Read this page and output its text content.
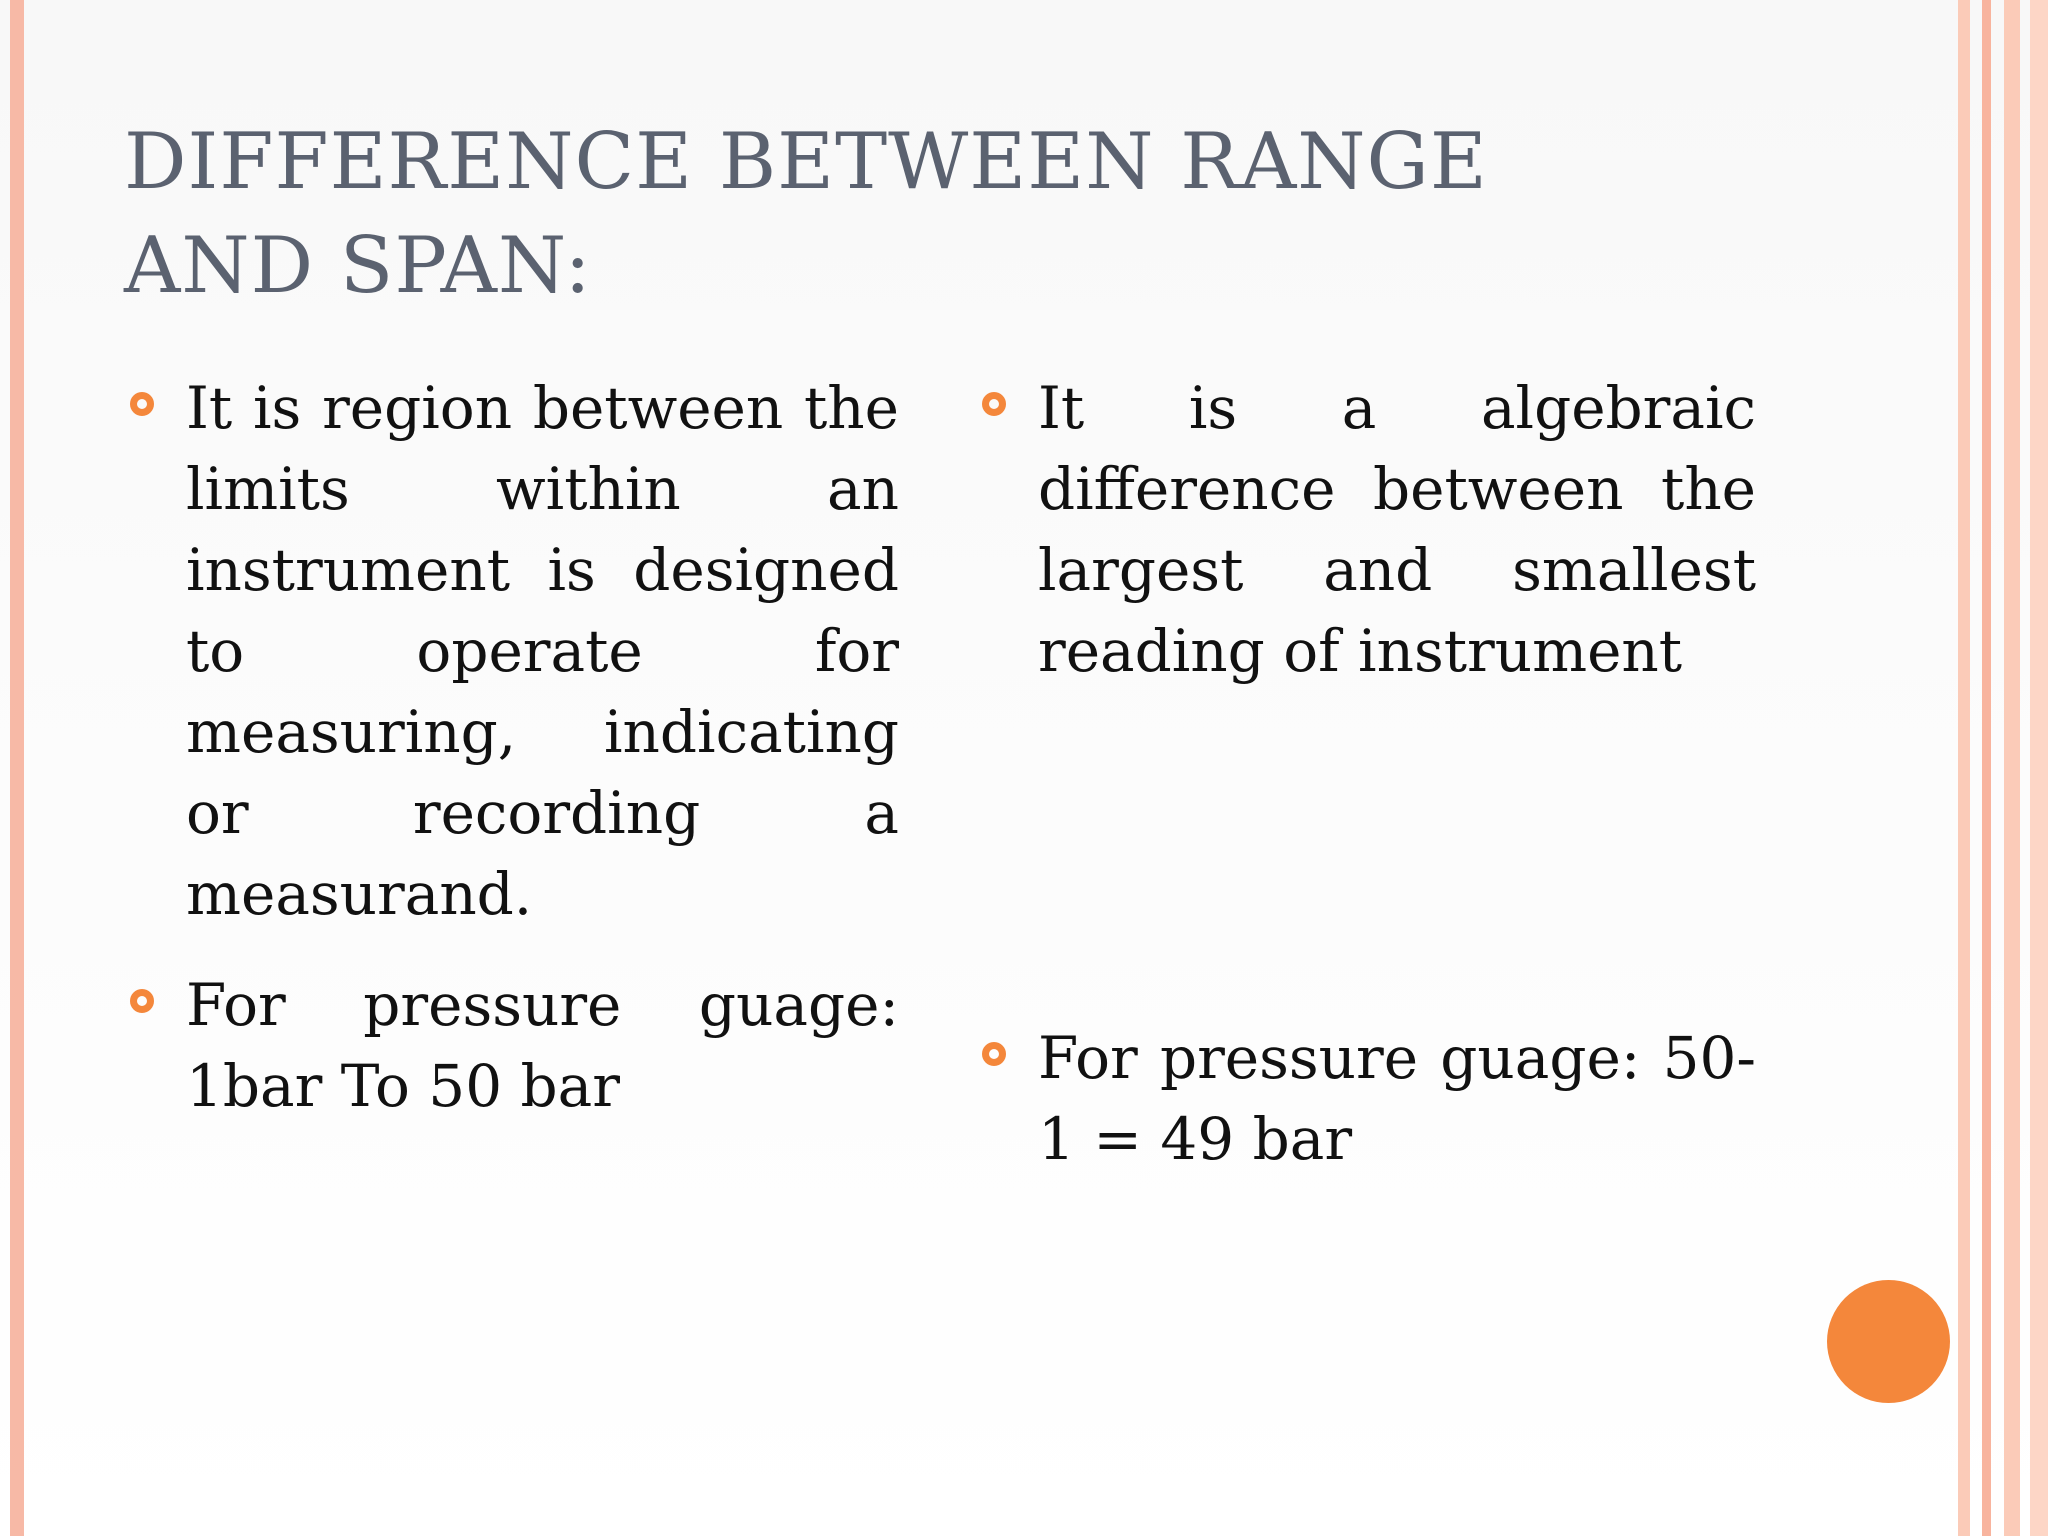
DIFFERENCE BETWEEN RANGE
AND SPAN:
It is region between the limits within an instrument is designed to operate for measuring, indicating or recording a measurand.
For pressure guage: 1bar To 50 bar
It is a algebraic difference between the largest and smallest reading of instrument
For pressure guage: 50-1 = 49 bar
